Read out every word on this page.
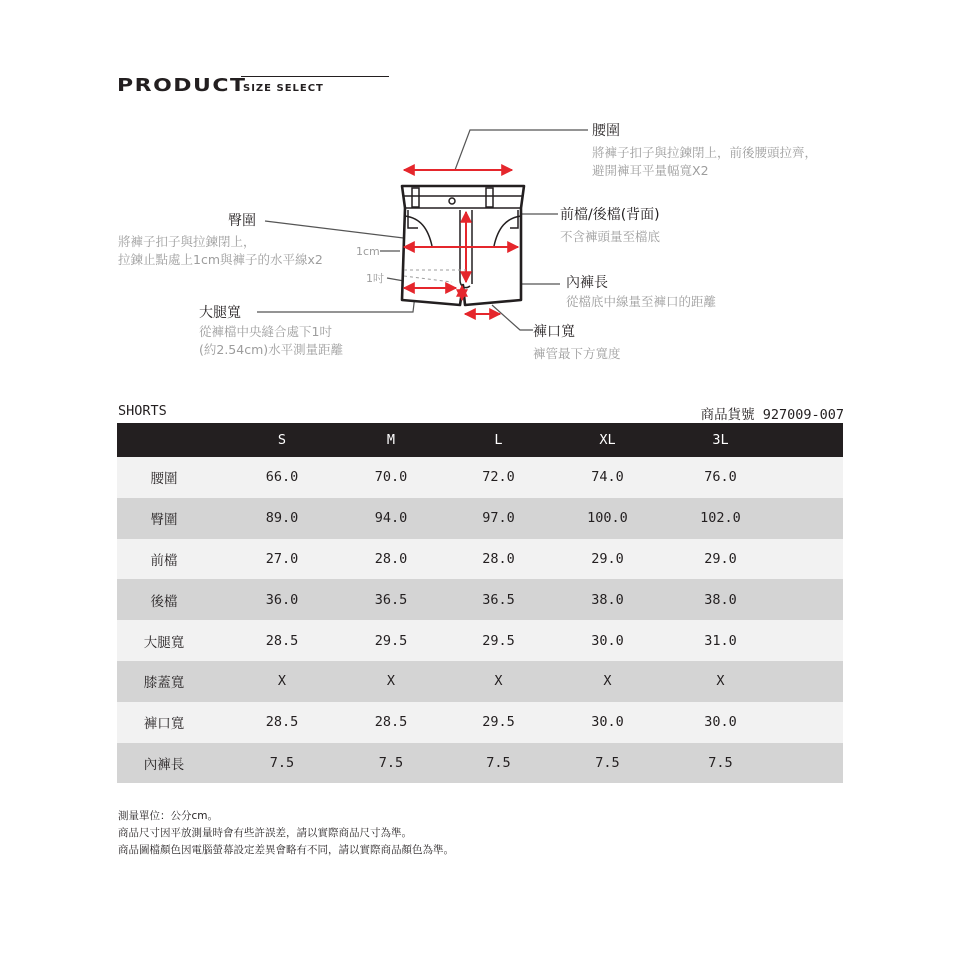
PRODUCT
SIZE SELECT
腰圍
將褲子扣子與拉鍊閉上，前後腰頭拉齊，
避開褲耳平量幅寬X2
臀圍
將褲子扣子與拉鍊閉上，
拉鍊止點處上1cm與褲子的水平線x2
1cm
1吋
前檔/後檔(背面)
不含褲頭量至檔底
內褲長
從檔底中線量至褲口的距離
大腿寬
從褲檔中央縫合處下1吋
(約2.54cm)水平測量距離
褲口寬
褲管最下方寬度
SHORTS	商品貨號 927009-007
	S	M	L	XL	3L	
腰圍	66.0	70.0	72.0	74.0	76.0	
臀圍	89.0	94.0	97.0	100.0	102.0	
前檔	27.0	28.0	28.0	29.0	29.0	
後檔	36.0	36.5	36.5	38.0	38.0	
大腿寬	28.5	29.5	29.5	30.0	31.0	
膝蓋寬	X	X	X	X	X	
褲口寬	28.5	28.5	29.5	30.0	30.0	
內褲長	7.5	7.5	7.5	7.5	7.5	
測量單位：公分cm。
商品尺寸因平放測量時會有些許誤差，請以實際商品尺寸為準。
商品圖檔顏色因電腦螢幕設定差異會略有不同，請以實際商品顏色為準。
